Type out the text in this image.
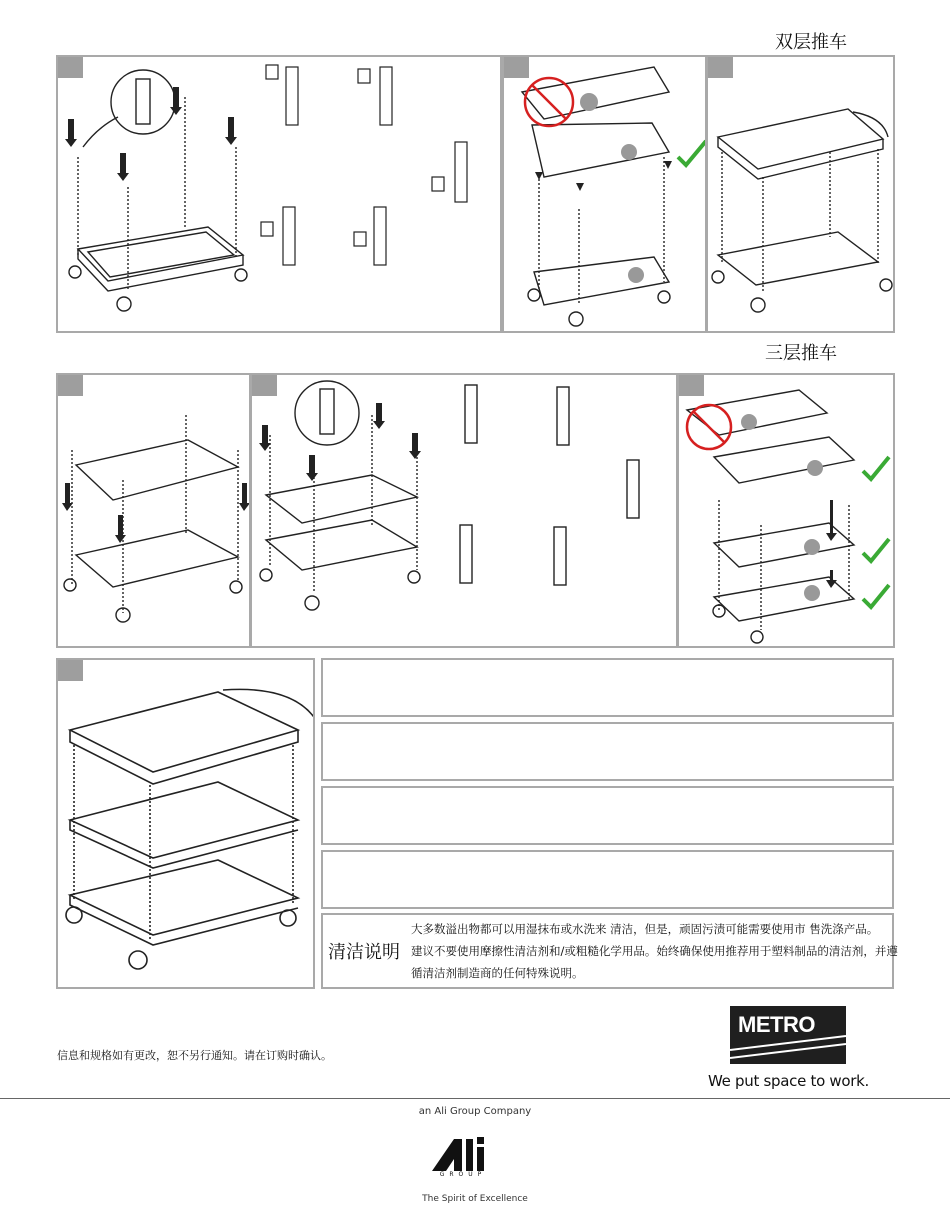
双层推车
三层推车
清洁说明
大多数溢出物都可以用湿抹布或水洗来 清洁，但是，顽固污渍可能需要使用市 售洗涤产品。
建议不要使用摩擦性清洁剂和/或粗糙化学用品。始终确保使用推荐用于塑料制品的清洁剂，并遵
循清洁剂制造商的任何特殊说明。
信息和规格如有更改，恕不另行通知。请在订购时确认。
METRO
We put space to work.
an Ali Group Company
GROUP
The Spirit of Excellence
